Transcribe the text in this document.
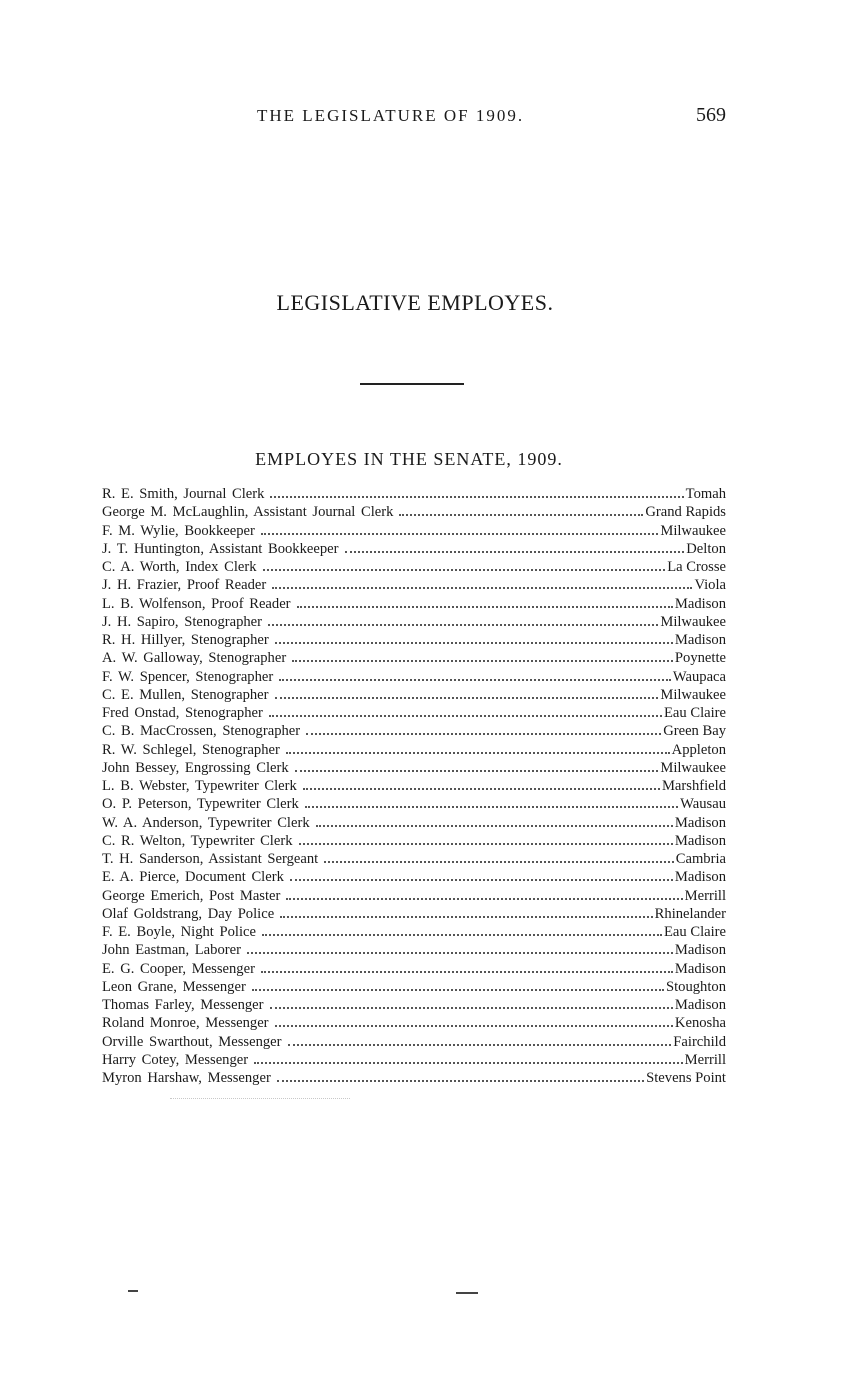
THE LEGISLATURE OF 1909.	569
LEGISLATIVE EMPLOYES.
EMPLOYES IN THE SENATE, 1909.
R. E. Smith, Journal Clerk	Tomah
George M. McLaughlin, Assistant Journal Clerk	Grand Rapids
F. M. Wylie, Bookkeeper	Milwaukee
J. T. Huntington, Assistant Bookkeeper	Delton
C. A. Worth, Index Clerk	La Crosse
J. H. Frazier, Proof Reader	Viola
L. B. Wolfenson, Proof Reader	Madison
J. H. Sapiro, Stenographer	Milwaukee
R. H. Hillyer, Stenographer	Madison
A. W. Galloway, Stenographer	Poynette
F. W. Spencer, Stenographer	Waupaca
C. E. Mullen, Stenographer	Milwaukee
Fred Onstad, Stenographer	Eau Claire
C. B. MacCrossen, Stenographer	Green Bay
R. W. Schlegel, Stenographer	Appleton
John Bessey, Engrossing Clerk	Milwaukee
L. B. Webster, Typewriter Clerk	Marshfield
O. P. Peterson, Typewriter Clerk	Wausau
W. A. Anderson, Typewriter Clerk	Madison
C. R. Welton, Typewriter Clerk	Madison
T. H. Sanderson, Assistant Sergeant	Cambria
E. A. Pierce, Document Clerk	Madison
George Emerich, Post Master	Merrill
Olaf Goldstrang, Day Police	Rhinelander
F. E. Boyle, Night Police	Eau Claire
John Eastman, Laborer	Madison
E. G. Cooper, Messenger	Madison
Leon Grane, Messenger	Stoughton
Thomas Farley, Messenger	Madison
Roland Monroe, Messenger	Kenosha
Orville Swarthout, Messenger	Fairchild
Harry Cotey, Messenger	Merrill
Myron Harshaw, Messenger	Stevens Point
